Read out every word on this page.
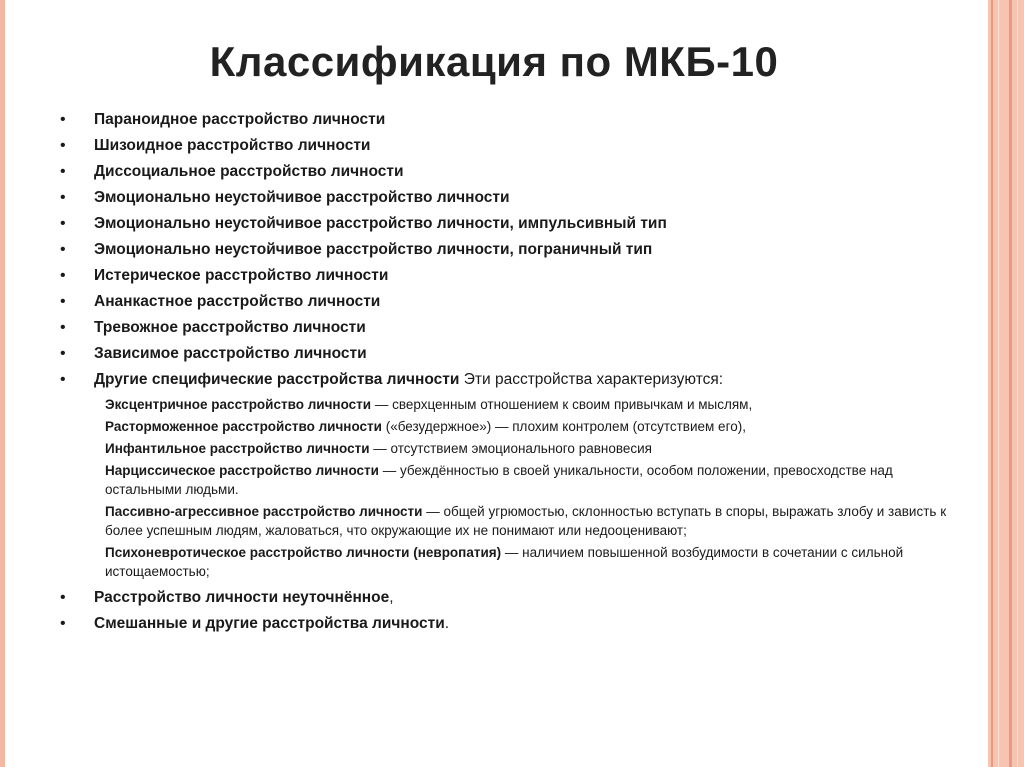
Классификация по МКБ-10
• Параноидное расстройство личности
• Шизоидное расстройство личности
• Диссоциальное расстройство личности
• Эмоционально неустойчивое расстройство личности
• Эмоционально неустойчивое расстройство личности, импульсивный тип
• Эмоционально неустойчивое расстройство личности, пограничный тип
• Истерическое расстройство личности
• Ананкастное расстройство личности
• Тревожное расстройство личности
• Зависимое расстройство личности
• Другие специфические расстройства личности Эти расстройства характеризуются:
Эксцентричное расстройство личности — сверхценным отношением к своим привычкам и мыслям,
Расторможенное расстройство личности («безудержное») — плохим контролем (отсутствием его),
Инфантильное расстройство личности — отсутствием эмоционального равновесия
Нарциссическое расстройство личности — убеждённостью в своей уникальности, особом положении, превосходстве над остальными людьми.
Пассивно-агрессивное расстройство личности — общей угрюмостью, склонностью вступать в споры, выражать злобу и зависть к более успешным людям, жаловаться, что окружающие их не понимают или недооценивают;
Психоневротическое расстройство личности (невропатия) — наличием повышенной возбудимости в сочетании с сильной истощаемостью;
• Расстройство личности неуточнённое,
• Смешанные и другие расстройства личности.
